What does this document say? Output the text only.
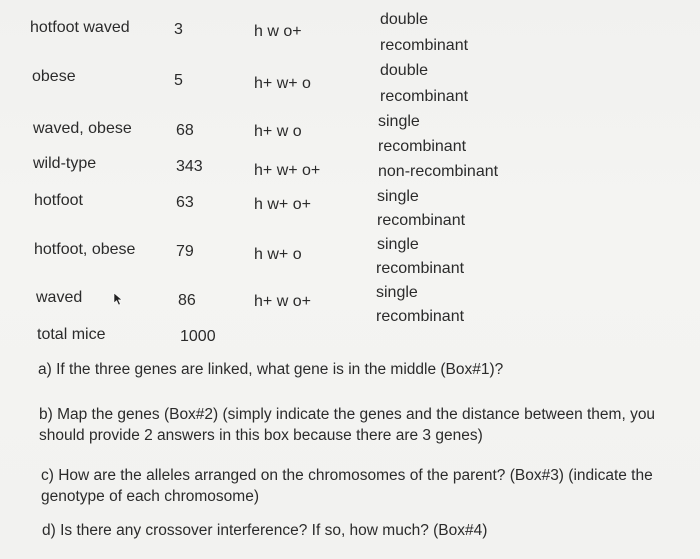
hotfoot waved	3	h w o+
double
recombinant
obese	5	h+ w+ o
double
recombinant
waved, obese	68	h+ w o
single
recombinant
wild-type	343	h+ w+ o+	non-recombinant
hotfoot	63	h w+ o+	single
recombinant
hotfoot, obese	79	h w+ o
single
recombinant
waved	86	h+ w o+
single
recombinant
total mice	1000
a) If the three genes are linked, what gene is in the middle (Box#1)?
b) Map the genes (Box#2) (simply indicate the genes and the distance between them, you should provide 2 answers in this box because there are 3 genes)
c) How are the alleles arranged on the chromosomes of the parent? (Box#3) (indicate the genotype of each chromosome)
d) Is there any crossover interference? If so, how much? (Box#4)
